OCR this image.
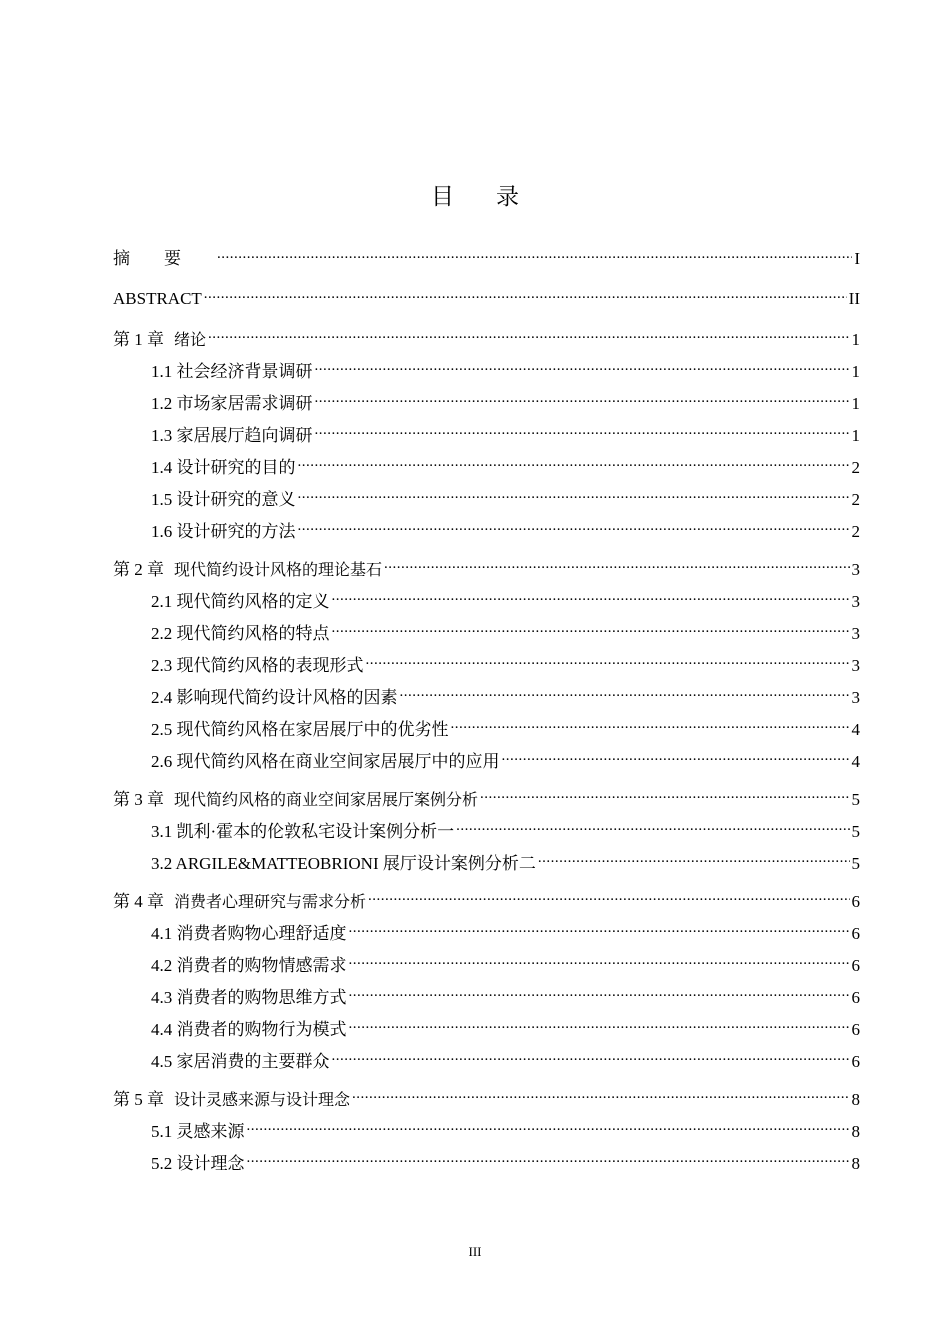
目录
摘要 .....	I
ABSTRACT .....	II
第 1 章 绪论 .....	1
1.1 社会经济背景调研 .....	1
1.2 市场家居需求调研 .....	1
1.3 家居展厅趋向调研 .....	1
1.4 设计研究的目的 .....	2
1.5 设计研究的意义 .....	2
1.6 设计研究的方法 .....	2
第 2 章 现代简约设计风格的理论基石 .....	3
2.1 现代简约风格的定义 .....	3
2.2 现代简约风格的特点 .....	3
2.3 现代简约风格的表现形式 .....	3
2.4 影响现代简约设计风格的因素 .....	3
2.5 现代简约风格在家居展厅中的优劣性 .....	4
2.6 现代简约风格在商业空间家居展厅中的应用 .....	4
第 3 章 现代简约风格的商业空间家居展厅案例分析 .....	5
3.1 凯利·霍本的伦敦私宅设计案例分析一 .....	5
3.2 ARGILE&MATTEOBRIONI 展厅设计案例分析二 .....	5
第 4 章 消费者心理研究与需求分析 .....	6
4.1 消费者购物心理舒适度 .....	6
4.2 消费者的购物情感需求 .....	6
4.3 消费者的购物思维方式 .....	6
4.4 消费者的购物行为模式 .....	6
4.5 家居消费的主要群众 .....	6
第 5 章 设计灵感来源与设计理念 .....	8
5.1 灵感来源 .....	8
5.2 设计理念 .....	8
III
